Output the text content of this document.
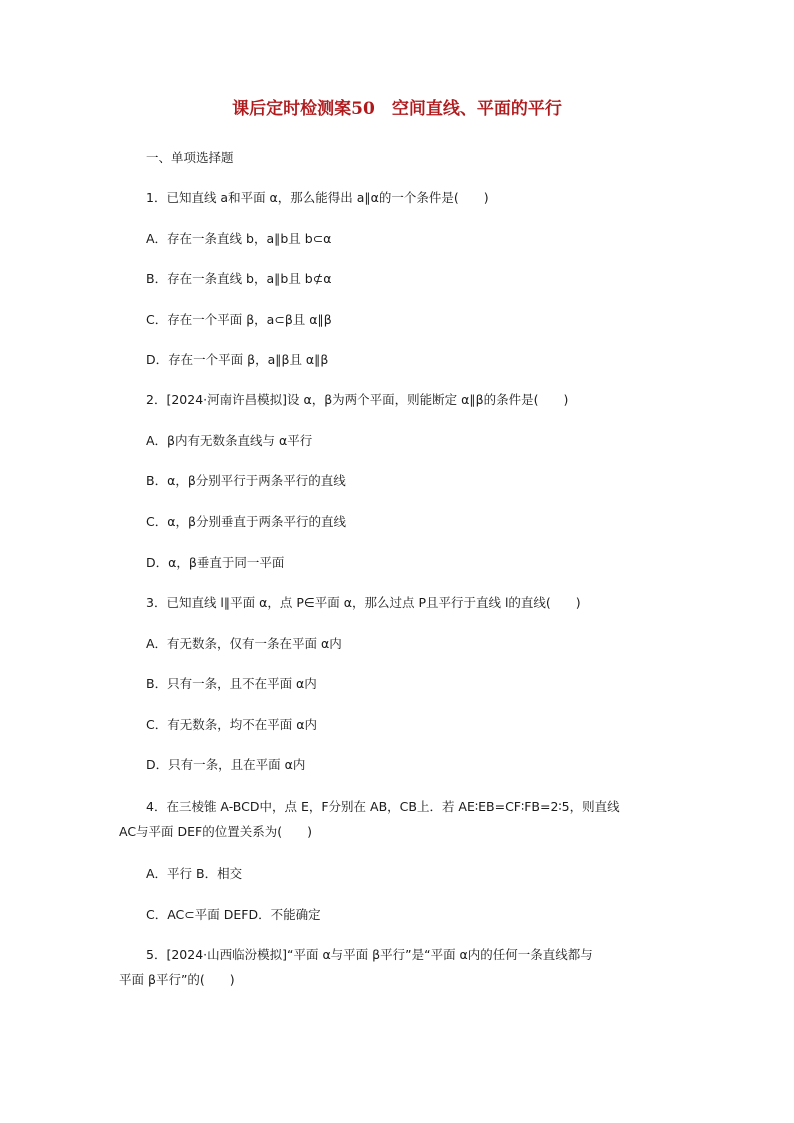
课后定时检测案50　空间直线、平面的平行
一、单项选择题
1．已知直线 a和平面 α，那么能得出 a∥α的一个条件是(　　)
A．存在一条直线 b，a∥b且 b⊂α
B．存在一条直线 b，a∥b且 b⊄α
C．存在一个平面 β，a⊂β且 α∥β
D．存在一个平面 β，a∥β且 α∥β
2．[2024·河南许昌模拟]设 α，β为两个平面，则能断定 α∥β的条件是(　　)
A．β内有无数条直线与 α平行
B．α，β分别平行于两条平行的直线
C．α，β分别垂直于两条平行的直线
D．α，β垂直于同一平面
3．已知直线 l∥平面 α，点 P∈平面 α，那么过点 P且平行于直线 l的直线(　　)
A．有无数条，仅有一条在平面 α内
B．只有一条，且不在平面 α内
C．有无数条，均不在平面 α内
D．只有一条，且在平面 α内
4．在三棱锥 A-BCD中，点 E，F分别在 AB，CB上．若 AE∶EB=CF∶FB=2∶5，则直线
AC与平面 DEF的位置关系为(　　)
A．平行 B．相交
C．AC⊂平面 DEFD．不能确定
5．[2024·山西临汾模拟]“平面 α与平面 β平行”是“平面 α内的任何一条直线都与
平面 β平行”的(　　)
